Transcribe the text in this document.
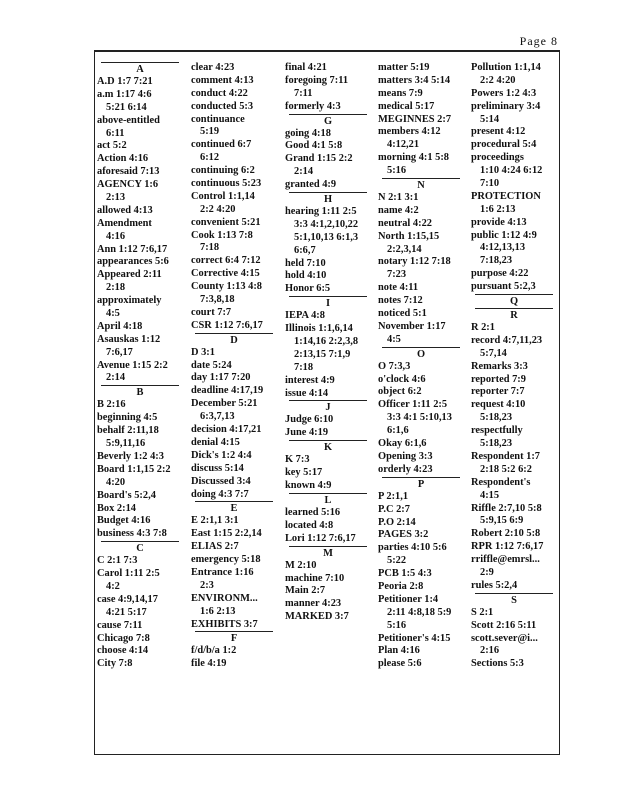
Page 8
A
A.D 1:7 7:21
a.m 1:17 4:6
5:21 6:14
above-entitled
6:11
act 5:2
Action 4:16
aforesaid 7:13
AGENCY 1:6
2:13
allowed 4:13
Amendment
4:16
Ann 1:12 7:6,17
appearances 5:6
Appeared 2:11
2:18
approximately
4:5
April 4:18
Asauskas 1:12
7:6,17
Avenue 1:15 2:2
2:14
B
B 2:16
beginning 4:5
behalf 2:11,18
5:9,11,16
Beverly 1:2 4:3
Board 1:1,15 2:2
4:20
Board's 5:2,4
Box 2:14
Budget 4:16
business 4:3 7:8
C
C 2:1 7:3
Carol 1:11 2:5
4:2
case 4:9,14,17
4:21 5:17
cause 7:11
Chicago 7:8
choose 4:14
City 7:8
clear 4:23
comment 4:13
conduct 4:22
conducted 5:3
continuance
5:19
continued 6:7
6:12
continuing 6:2
continuous 5:23
Control 1:1,14
2:2 4:20
convenient 5:21
Cook 1:13 7:8
7:18
correct 6:4 7:12
Corrective 4:15
County 1:13 4:8
7:3,8,18
court 7:7
CSR 1:12 7:6,17
D
D 3:1
date 5:24
day 1:17 7:20
deadline 4:17,19
December 5:21
6:3,7,13
decision 4:17,21
denial 4:15
Dick's 1:2 4:4
discuss 5:14
Discussed 3:4
doing 4:3 7:7
E
E 2:1,1 3:1
East 1:15 2:2,14
ELIAS 2:7
emergency 5:18
Entrance 1:16
2:3
ENVIRONM...
1:6 2:13
EXHIBITS 3:7
F
f/d/b/a 1:2
file 4:19
final 4:21
foregoing 7:11
7:11
formerly 4:3
G
going 4:18
Good 4:1 5:8
Grand 1:15 2:2
2:14
granted 4:9
H
hearing 1:11 2:5
3:3 4:1,2,10,22
5:1,10,13 6:1,3
6:6,7
held 7:10
hold 4:10
Honor 6:5
I
IEPA 4:8
Illinois 1:1,6,14
1:14,16 2:2,3,8
2:13,15 7:1,9
7:18
interest 4:9
issue 4:14
J
Judge 6:10
June 4:19
K
K 7:3
key 5:17
known 4:9
L
learned 5:16
located 4:8
Lori 1:12 7:6,17
M
M 2:10
machine 7:10
Main 2:7
manner 4:23
MARKED 3:7
matter 5:19
matters 3:4 5:14
means 7:9
medical 5:17
MEGINNES 2:7
members 4:12
4:12,21
morning 4:1 5:8
5:16
N
N 2:1 3:1
name 4:2
neutral 4:22
North 1:15,15
2:2,3,14
notary 1:12 7:18
7:23
note 4:11
notes 7:12
noticed 5:1
November 1:17
4:5
O
O 7:3,3
o'clock 4:6
object 6:2
Officer 1:11 2:5
3:3 4:1 5:10,13
6:1,6
Okay 6:1,6
Opening 3:3
orderly 4:23
P
P 2:1,1
P.C 2:7
P.O 2:14
PAGES 3:2
parties 4:10 5:6
5:22
PCB 1:5 4:3
Peoria 2:8
Petitioner 1:4
2:11 4:8,18 5:9
5:16
Petitioner's 4:15
Plan 4:16
please 5:6
Pollution 1:1,14
2:2 4:20
Powers 1:2 4:3
preliminary 3:4
5:14
present 4:12
procedural 5:4
proceedings
1:10 4:24 6:12
7:10
PROTECTION
1:6 2:13
provide 4:13
public 1:12 4:9
4:12,13,13
7:18,23
purpose 4:22
pursuant 5:2,3
Q
R
R 2:1
record 4:7,11,23
5:7,14
Remarks 3:3
reported 7:9
reporter 7:7
request 4:10
5:18,23
respectfully
5:18,23
Respondent 1:7
2:18 5:2 6:2
Respondent's
4:15
Riffle 2:7,10 5:8
5:9,15 6:9
Robert 2:10 5:8
RPR 1:12 7:6,17
rriffle@emrsl...
2:9
rules 5:2,4
S
S 2:1
Scott 2:16 5:11
scott.sever@i...
2:16
Sections 5:3
